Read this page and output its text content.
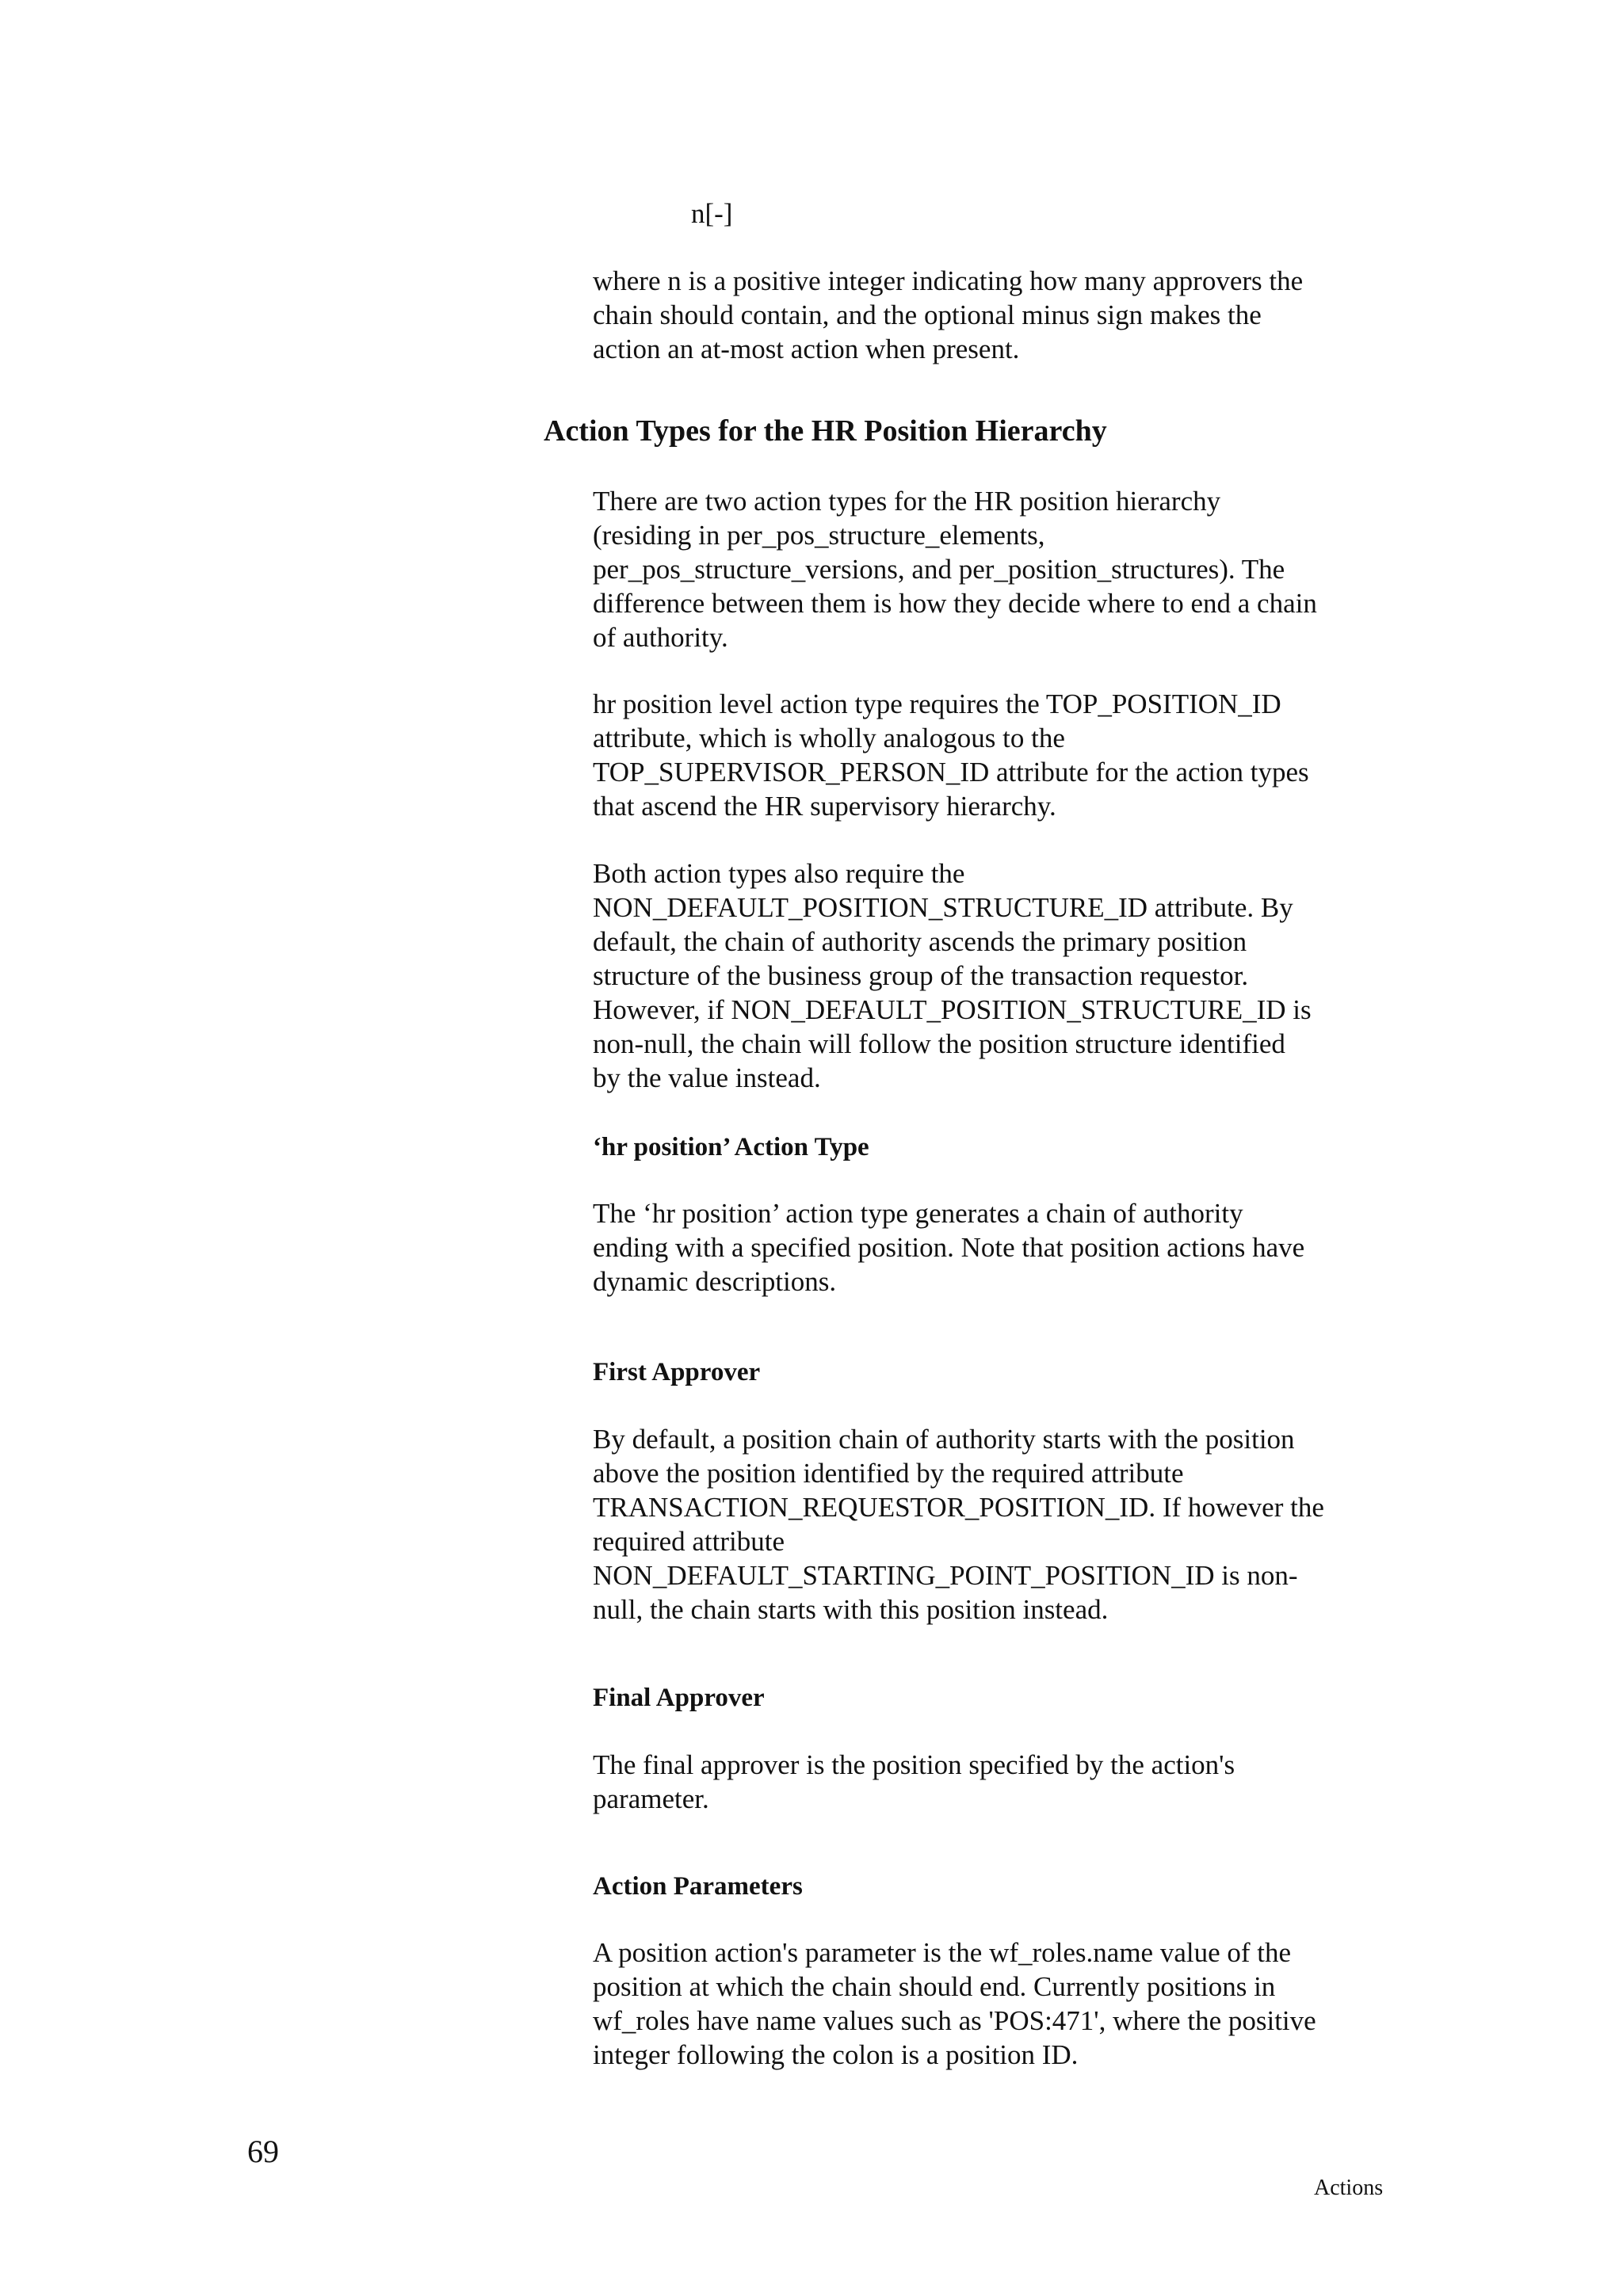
n[-]
where n is a positive integer indicating how many approvers the
chain should contain, and the optional minus sign makes the
action an at-most action when present.
Action Types for the HR Position Hierarchy
There are two action types for the HR position hierarchy
(residing in per_pos_structure_elements,
per_pos_structure_versions, and per_position_structures). The
difference between them is how they decide where to end a chain
of authority.
hr position level action type requires the TOP_POSITION_ID
attribute, which is wholly analogous to the
TOP_SUPERVISOR_PERSON_ID attribute for the action types
that ascend the HR supervisory hierarchy.
Both action types also require the
NON_DEFAULT_POSITION_STRUCTURE_ID attribute. By
default, the chain of authority ascends the primary position
structure of the business group of the transaction requestor.
However, if NON_DEFAULT_POSITION_STRUCTURE_ID is
non-null, the chain will follow the position structure identified
by the value instead.
‘hr position’ Action Type
The ‘hr position’ action type generates a chain of authority
ending with a specified position. Note that position actions have
dynamic descriptions.
First Approver
By default, a position chain of authority starts with the position
above the position identified by the required attribute
TRANSACTION_REQUESTOR_POSITION_ID. If however the
required attribute
NON_DEFAULT_STARTING_POINT_POSITION_ID is non-
null, the chain starts with this position instead.
Final Approver
The final approver is the position specified by the action's
parameter.
Action Parameters
A position action's parameter is the wf_roles.name value of the
position at which the chain should end. Currently positions in
wf_roles have name values such as 'POS:471', where the positive
integer following the colon is a position ID.
69
Actions
